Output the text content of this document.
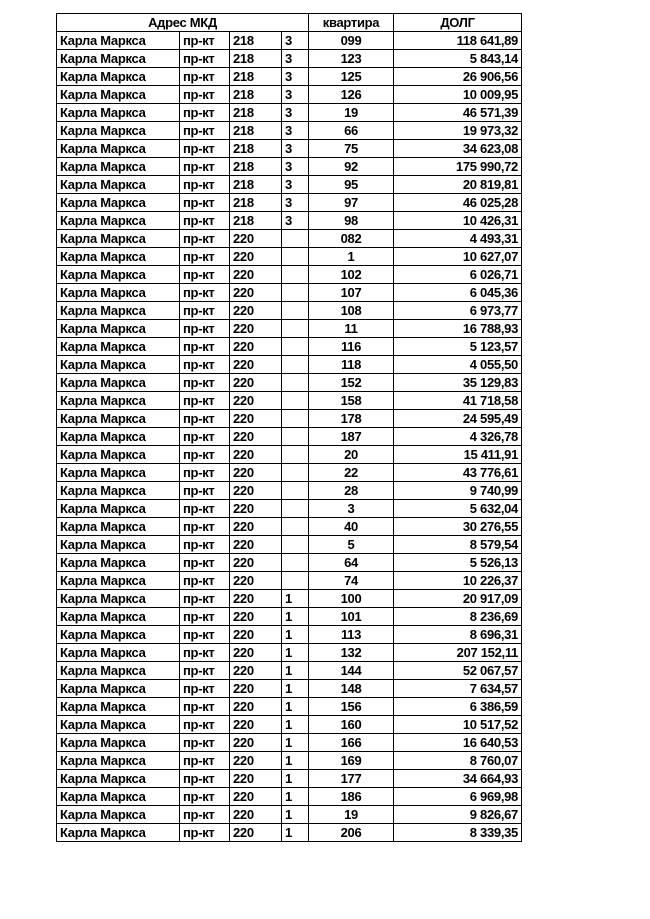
Адрес МКД				квартира	ДОЛГ
Карла Маркса	пр-кт	218	3	099	118 641,89
Карла Маркса	пр-кт	218	3	123	5 843,14
Карла Маркса	пр-кт	218	3	125	26 906,56
Карла Маркса	пр-кт	218	3	126	10 009,95
Карла Маркса	пр-кт	218	3	19	46 571,39
Карла Маркса	пр-кт	218	3	66	19 973,32
Карла Маркса	пр-кт	218	3	75	34 623,08
Карла Маркса	пр-кт	218	3	92	175 990,72
Карла Маркса	пр-кт	218	3	95	20 819,81
Карла Маркса	пр-кт	218	3	97	46 025,28
Карла Маркса	пр-кт	218	3	98	10 426,31
Карла Маркса	пр-кт	220		082	4 493,31
Карла Маркса	пр-кт	220		1	10 627,07
Карла Маркса	пр-кт	220		102	6 026,71
Карла Маркса	пр-кт	220		107	6 045,36
Карла Маркса	пр-кт	220		108	6 973,77
Карла Маркса	пр-кт	220		11	16 788,93
Карла Маркса	пр-кт	220		116	5 123,57
Карла Маркса	пр-кт	220		118	4 055,50
Карла Маркса	пр-кт	220		152	35 129,83
Карла Маркса	пр-кт	220		158	41 718,58
Карла Маркса	пр-кт	220		178	24 595,49
Карла Маркса	пр-кт	220		187	4 326,78
Карла Маркса	пр-кт	220		20	15 411,91
Карла Маркса	пр-кт	220		22	43 776,61
Карла Маркса	пр-кт	220		28	9 740,99
Карла Маркса	пр-кт	220		3	5 632,04
Карла Маркса	пр-кт	220		40	30 276,55
Карла Маркса	пр-кт	220		5	8 579,54
Карла Маркса	пр-кт	220		64	5 526,13
Карла Маркса	пр-кт	220		74	10 226,37
Карла Маркса	пр-кт	220	1	100	20 917,09
Карла Маркса	пр-кт	220	1	101	8 236,69
Карла Маркса	пр-кт	220	1	113	8 696,31
Карла Маркса	пр-кт	220	1	132	207 152,11
Карла Маркса	пр-кт	220	1	144	52 067,57
Карла Маркса	пр-кт	220	1	148	7 634,57
Карла Маркса	пр-кт	220	1	156	6 386,59
Карла Маркса	пр-кт	220	1	160	10 517,52
Карла Маркса	пр-кт	220	1	166	16 640,53
Карла Маркса	пр-кт	220	1	169	8 760,07
Карла Маркса	пр-кт	220	1	177	34 664,93
Карла Маркса	пр-кт	220	1	186	6 969,98
Карла Маркса	пр-кт	220	1	19	9 826,67
Карла Маркса	пр-кт	220	1	206	8 339,35
